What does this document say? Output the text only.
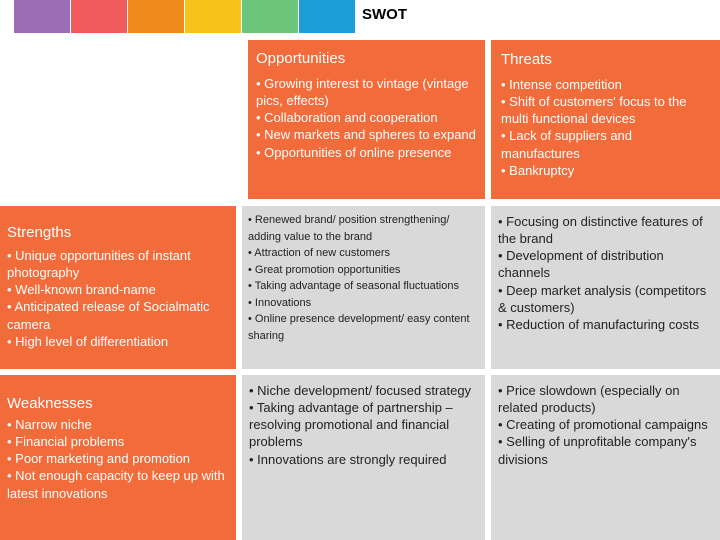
SWOT
Opportunities
• Growing interest to vintage (vintage pics, effects)
• Collaboration and cooperation
• New markets and spheres to expand
• Opportunities of online presence
Threats
• Intense competition
• Shift of customers' focus to the multi functional devices
• Lack of suppliers and manufactures
• Bankruptcy
Strengths
• Unique opportunities of instant photography
• Well-known brand-name
• Anticipated release of Socialmatic camera
• High level of differentiation
• Renewed brand/ position strengthening/ adding value to the brand
• Attraction of new customers
• Great promotion opportunities
• Taking advantage of seasonal fluctuations
• Innovations
• Online presence development/ easy content sharing
• Focusing on distinctive features of the brand
• Development of distribution channels
• Deep market analysis (competitors & customers)
• Reduction of manufacturing costs
Weaknesses
• Narrow niche
• Financial problems
• Poor marketing and promotion
• Not enough capacity to keep up with latest innovations
• Niche development/ focused strategy
• Taking advantage of partnership – resolving promotional and financial problems
• Innovations are strongly required
• Price slowdown (especially on related products)
• Creating of promotional campaigns
• Selling of unprofitable company's divisions
